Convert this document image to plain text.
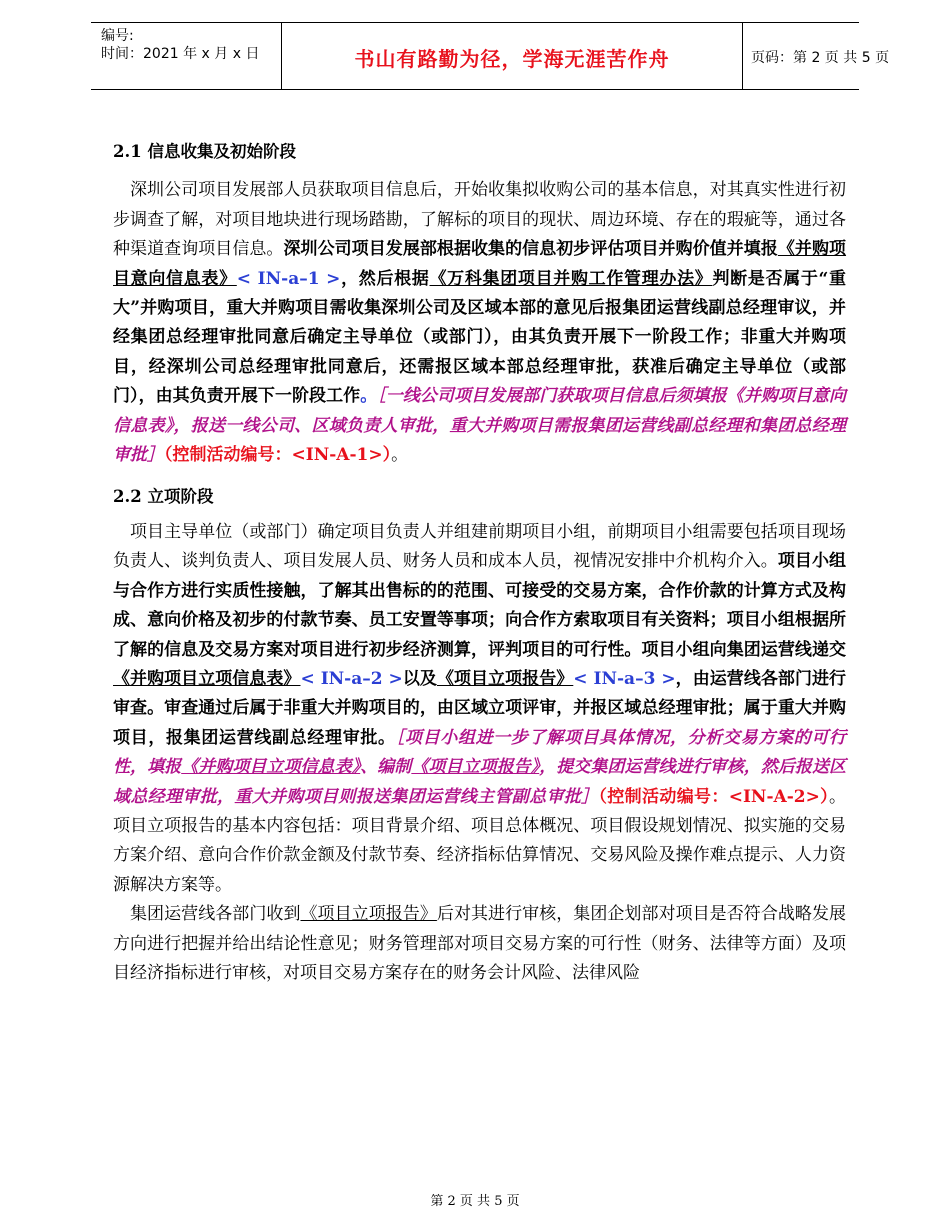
编号:
时间：2021 年 x 月 x 日	书山有路勤为径，学海无涯苦作舟	页码：第 2 页 共 5 页

2.1 信息收集及初始阶段

深圳公司项目发展部人员获取项目信息后，开始收集拟收购公司的基本信息，对其真实性进行初步调查了解，对项目地块进行现场踏勘，了解标的项目的现状、周边环境、存在的瑕疵等，通过各种渠道查询项目信息。深圳公司项目发展部根据收集的信息初步评估项目并购价值并填报《并购项目意向信息表》< IN-a–1 >，然后根据《万科集团项目并购工作管理办法》判断是否属于“重大”并购项目，重大并购项目需收集深圳公司及区域本部的意见后报集团运营线副总经理审议，并经集团总经理审批同意后确定主导单位（或部门），由其负责开展下一阶段工作；非重大并购项目，经深圳公司总经理审批同意后，还需报区域本部总经理审批，获准后确定主导单位（或部门），由其负责开展下一阶段工作。［一线公司项目发展部门获取项目信息后须填报《并购项目意向信息表》，报送一线公司、区域负责人审批，重大并购项目需报集团运营线副总经理和集团总经理审批］（控制活动编号：<IN-A-1>）。

2.2 立项阶段

项目主导单位（或部门）确定项目负责人并组建前期项目小组，前期项目小组需要包括项目现场负责人、谈判负责人、项目发展人员、财务人员和成本人员，视情况安排中介机构介入。项目小组与合作方进行实质性接触，了解其出售标的的范围、可接受的交易方案，合作价款的计算方式及构成、意向价格及初步的付款节奏、员工安置等事项；向合作方索取项目有关资料；项目小组根据所了解的信息及交易方案对项目进行初步经济测算，评判项目的可行性。项目小组向集团运营线递交《并购项目立项信息表》< IN-a–2 >以及《项目立项报告》< IN-a–3 >，由运营线各部门进行审查。审查通过后属于非重大并购项目的，由区域立项评审，并报区域总经理审批；属于重大并购项目，报集团运营线副总经理审批。［项目小组进一步了解项目具体情况，分析交易方案的可行性，填报《并购项目立项信息表》、编制《项目立项报告》，提交集团运营线进行审核，然后报送区域总经理审批，重大并购项目则报送集团运营线主管副总审批］（控制活动编号：<IN-A-2>）。项目立项报告的基本内容包括：项目背景介绍、项目总体概况、项目假设规划情况、拟实施的交易方案介绍、意向合作价款金额及付款节奏、经济指标估算情况、交易风险及操作难点提示、人力资源解决方案等。

集团运营线各部门收到《项目立项报告》后对其进行审核，集团企划部对项目是否符合战略发展方向进行把握并给出结论性意见；财务管理部对项目交易方案的可行性（财务、法律等方面）及项目经济指标进行审核，对项目交易方案存在的财务会计风险、法律风险

第 2 页 共 5 页
